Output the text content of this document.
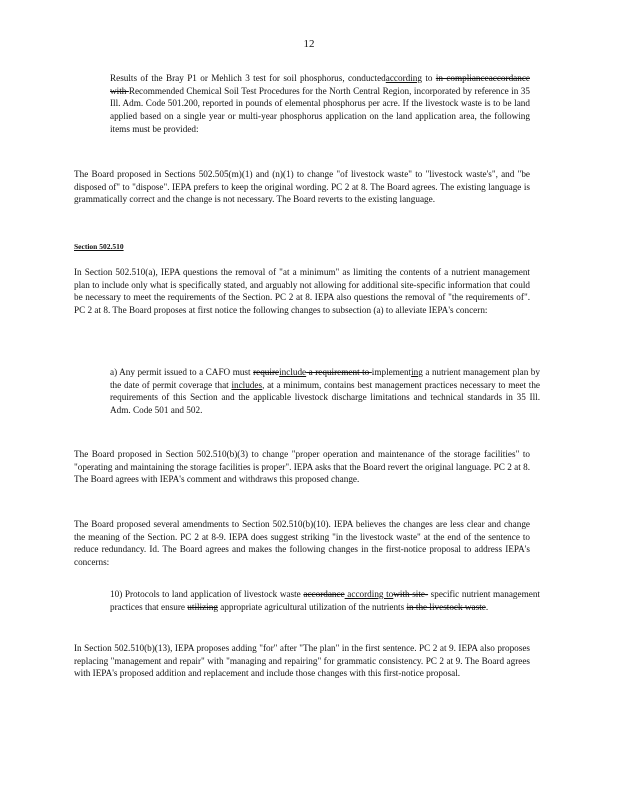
12
Results of the Bray P1 or Mehlich 3 test for soil phosphorus, conductedaccording to in complianceaccordance with Recommended Chemical Soil Test Procedures for the North Central Region, incorporated by reference in 35 Ill. Adm. Code 501.200, reported in pounds of elemental phosphorus per acre. If the livestock waste is to be land applied based on a single year or multi-year phosphorus application on the land application area, the following items must be provided:
The Board proposed in Sections 502.505(m)(1) and (n)(1) to change "of livestock waste" to "livestock waste's", and "be disposed of" to "dispose". IEPA prefers to keep the original wording. PC 2 at 8. The Board agrees. The existing language is grammatically correct and the change is not necessary. The Board reverts to the existing language.
Section 502.510
In Section 502.510(a), IEPA questions the removal of "at a minimum" as limiting the contents of a nutrient management plan to include only what is specifically stated, and arguably not allowing for additional site-specific information that could be necessary to meet the requirements of the Section. PC 2 at 8. IEPA also questions the removal of "the requirements of". PC 2 at 8. The Board proposes at first notice the following changes to subsection (a) to alleviate IEPA's concern:
a) Any permit issued to a CAFO must requireinclude a requirement to implementing a nutrient management plan by the date of permit coverage that includes, at a minimum, contains best management practices necessary to meet the requirements of this Section and the applicable livestock discharge limitations and technical standards in 35 Ill. Adm. Code 501 and 502.
The Board proposed in Section 502.510(b)(3) to change "proper operation and maintenance of the storage facilities" to "operating and maintaining the storage facilities is proper". IEPA asks that the Board revert the original language. PC 2 at 8. The Board agrees with IEPA's comment and withdraws this proposed change.
The Board proposed several amendments to Section 502.510(b)(10). IEPA believes the changes are less clear and change the meaning of the Section. PC 2 at 8-9. IEPA does suggest striking "in the livestock waste" at the end of the sentence to reduce redundancy. Id. The Board agrees and makes the following changes in the first-notice proposal to address IEPA's concerns:
10) Protocols to land application of livestock waste accordance according towith site- specific nutrient management practices that ensure utilizing appropriate agricultural utilization of the nutrients in the livestock waste.
In Section 502.510(b)(13), IEPA proposes adding "for" after "The plan" in the first sentence. PC 2 at 9. IEPA also proposes replacing "management and repair" with "managing and repairing" for grammatic consistency. PC 2 at 9. The Board agrees with IEPA's proposed addition and replacement and include those changes with this first-notice proposal.
